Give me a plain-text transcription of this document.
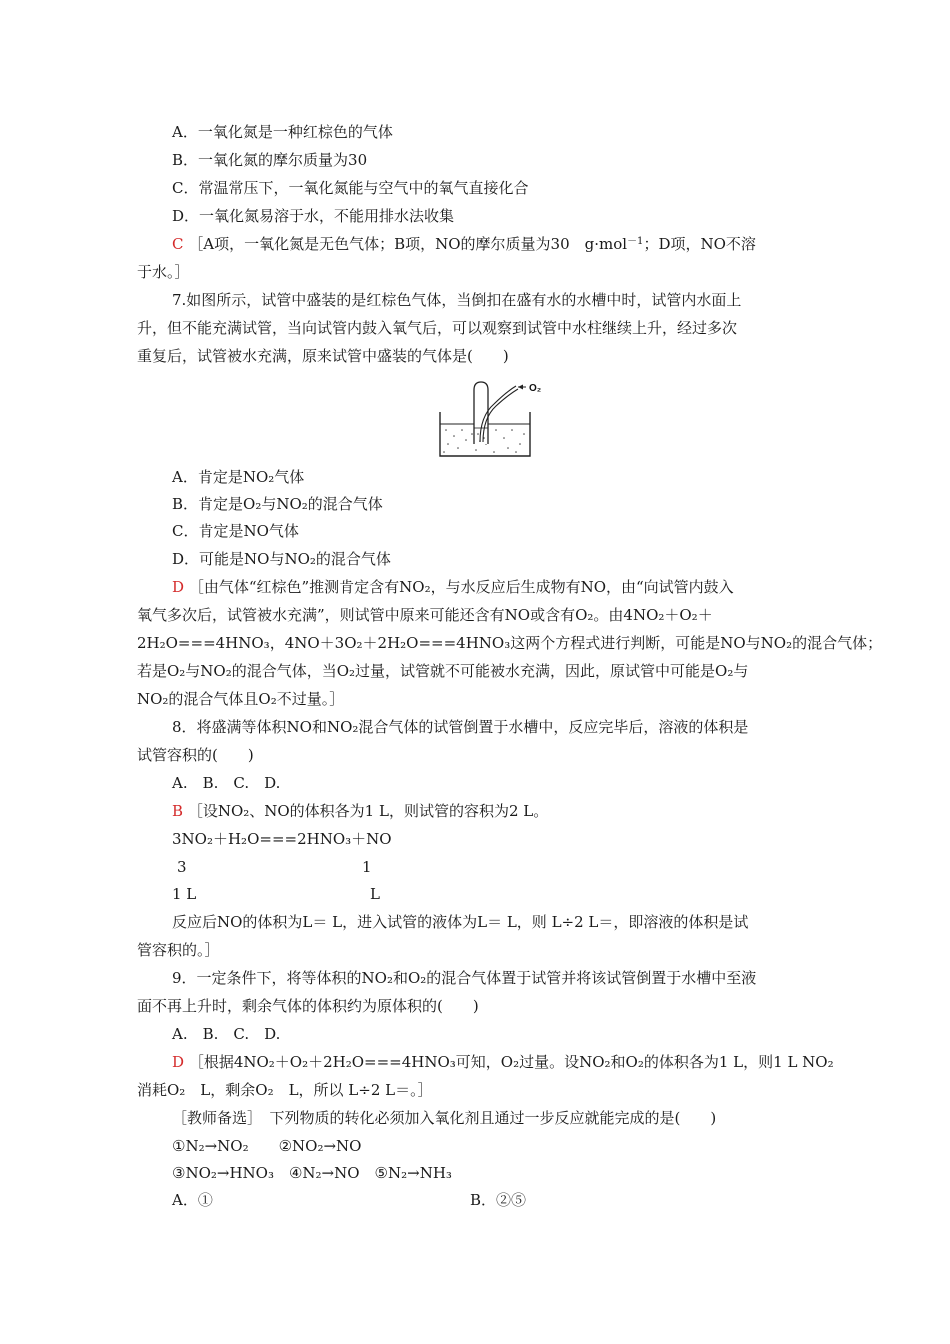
A．一氧化氮是一种红棕色的气体
B．一氧化氮的摩尔质量为30
C．常温常压下，一氧化氮能与空气中的氧气直接化合
D．一氧化氮易溶于水，不能用排水法收集
C ［A项，一氧化氮是无色气体；B项，NO的摩尔质量为30　g·mol$^{-1}$；D项，NO不溶
于水。］
7.如图所示，试管中盛装的是红棕色气体，当倒扣在盛有水的水槽中时，试管内水面上
升，但不能充满试管，当向试管内鼓入氧气后，可以观察到试管中水柱继续上升，经过多次
重复后，试管被水充满，原来试管中盛装的气体是(　　)
O₂
A．肯定是NO₂气体
B．肯定是O₂与NO₂的混合气体
C．肯定是NO气体
D．可能是NO与NO₂的混合气体
D ［由气体“红棕色”推测肯定含有NO₂，与水反应后生成物有NO，由“向试管内鼓入
氧气多次后，试管被水充满”，则试管中原来可能还含有NO或含有O₂。由4NO₂＋O₂＋
2H₂O===4HNO₃，4NO＋3O₂＋2H₂O===4HNO₃这两个方程式进行判断，可能是NO与NO₂的混合气体；
若是O₂与NO₂的混合气体，当O₂过量，试管就不可能被水充满，因此，原试管中可能是O₂与
NO₂的混合气体且O₂不过量。］
8．将盛满等体积NO和NO₂混合气体的试管倒置于水槽中，反应完毕后，溶液的体积是
试管容积的(　　)
A.　B.　C.　D.
B ［设NO₂、NO的体积各为1 L，则试管的容积为2 L。
3NO₂＋H₂O===2HNO₃＋NO
3	1
1 L	L
反应后NO的体积为L＝ L，进入试管的液体为L＝ L，则 L÷2 L＝，即溶液的体积是试
管容积的。］
9．一定条件下，将等体积的NO₂和O₂的混合气体置于试管并将该试管倒置于水槽中至液
面不再上升时，剩余气体的体积约为原体积的(　　)
A.　B.　C.　D.
D ［根据4NO₂＋O₂＋2H₂O===4HNO₃可知，O₂过量。设NO₂和O₂的体积各为1 L，则1 L NO₂
消耗O₂　L，剩余O₂　L，所以 L÷2 L＝。］
［教师备选］　下列物质的转化必须加入氧化剂且通过一步反应就能完成的是(　　)
①N₂→NO₂　　②NO₂→NO
③NO₂→HNO₃　④N₂→NO　⑤N₂→NH₃
A．①	B．②⑤
